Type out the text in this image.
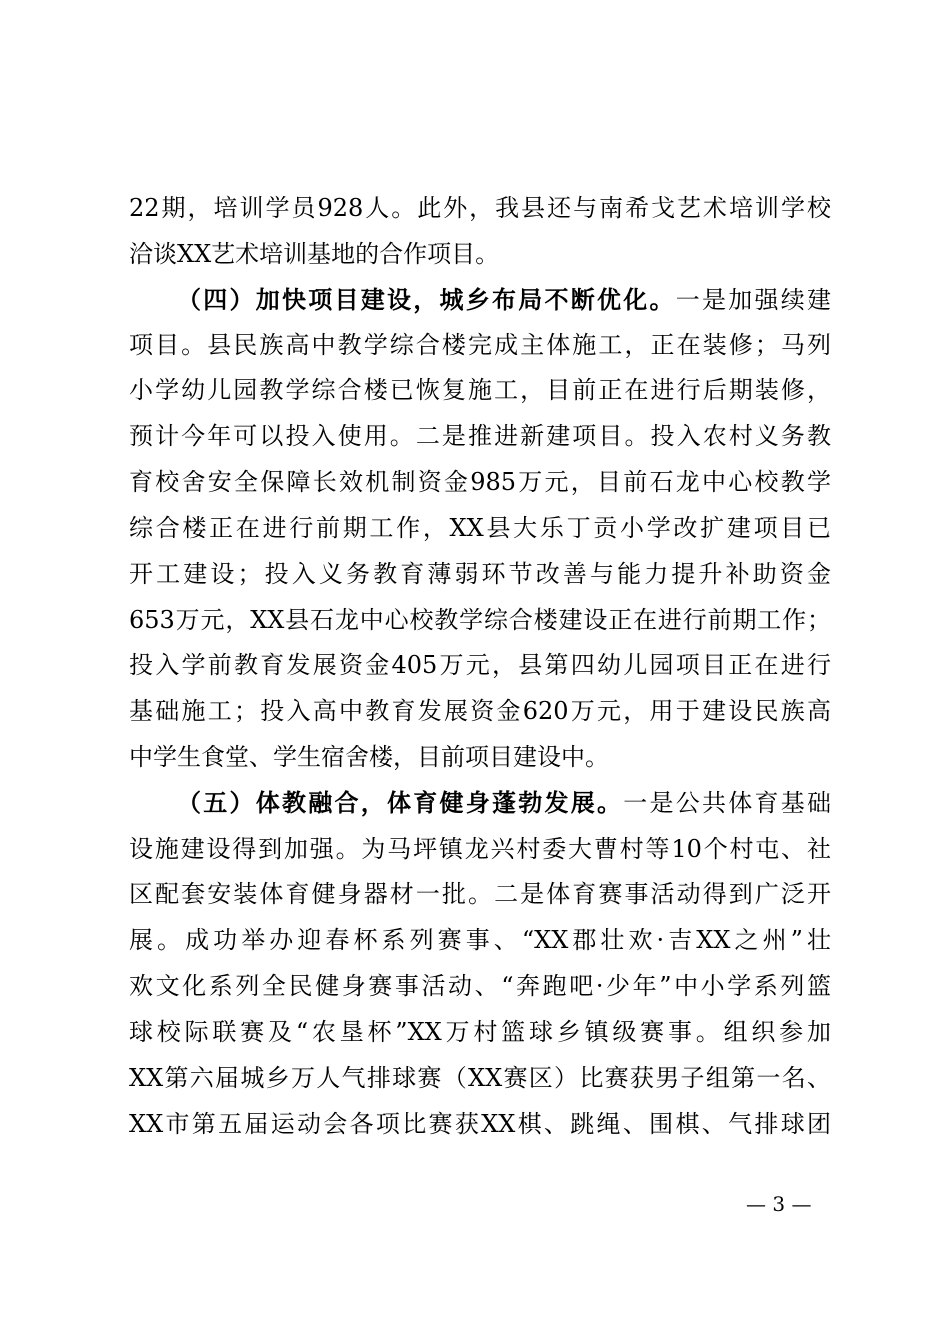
22期，培训学员928人。此外，我县还与南希戈艺术培训学校
洽谈XX艺术培训基地的合作项目。
（四）加快项目建设，城乡布局不断优化。一是加强续建
项目。县民族高中教学综合楼完成主体施工，正在装修；马列
小学幼儿园教学综合楼已恢复施工，目前正在进行后期装修，
预计今年可以投入使用。二是推进新建项目。投入农村义务教
育校舍安全保障长效机制资金985万元，目前石龙中心校教学
综合楼正在进行前期工作，XX县大乐丁贡小学改扩建项目已
开工建设；投入义务教育薄弱环节改善与能力提升补助资金
653万元，XX县石龙中心校教学综合楼建设正在进行前期工作；
投入学前教育发展资金405万元，县第四幼儿园项目正在进行
基础施工；投入高中教育发展资金620万元，用于建设民族高
中学生食堂、学生宿舍楼，目前项目建设中。
（五）体教融合，体育健身蓬勃发展。一是公共体育基础
设施建设得到加强。为马坪镇龙兴村委大曹村等10个村屯、社
区配套安装体育健身器材一批。二是体育赛事活动得到广泛开
展。成功举办迎春杯系列赛事、“XX郡壮欢·吉XX之州”壮
欢文化系列全民健身赛事活动、“奔跑吧·少年”中小学系列篮
球校际联赛及“农垦杯”XX万村篮球乡镇级赛事。组织参加
XX第六届城乡万人气排球赛（XX赛区）比赛获男子组第一名、
XX市第五届运动会各项比赛获XX棋、跳绳、围棋、气排球团
— 3 —
